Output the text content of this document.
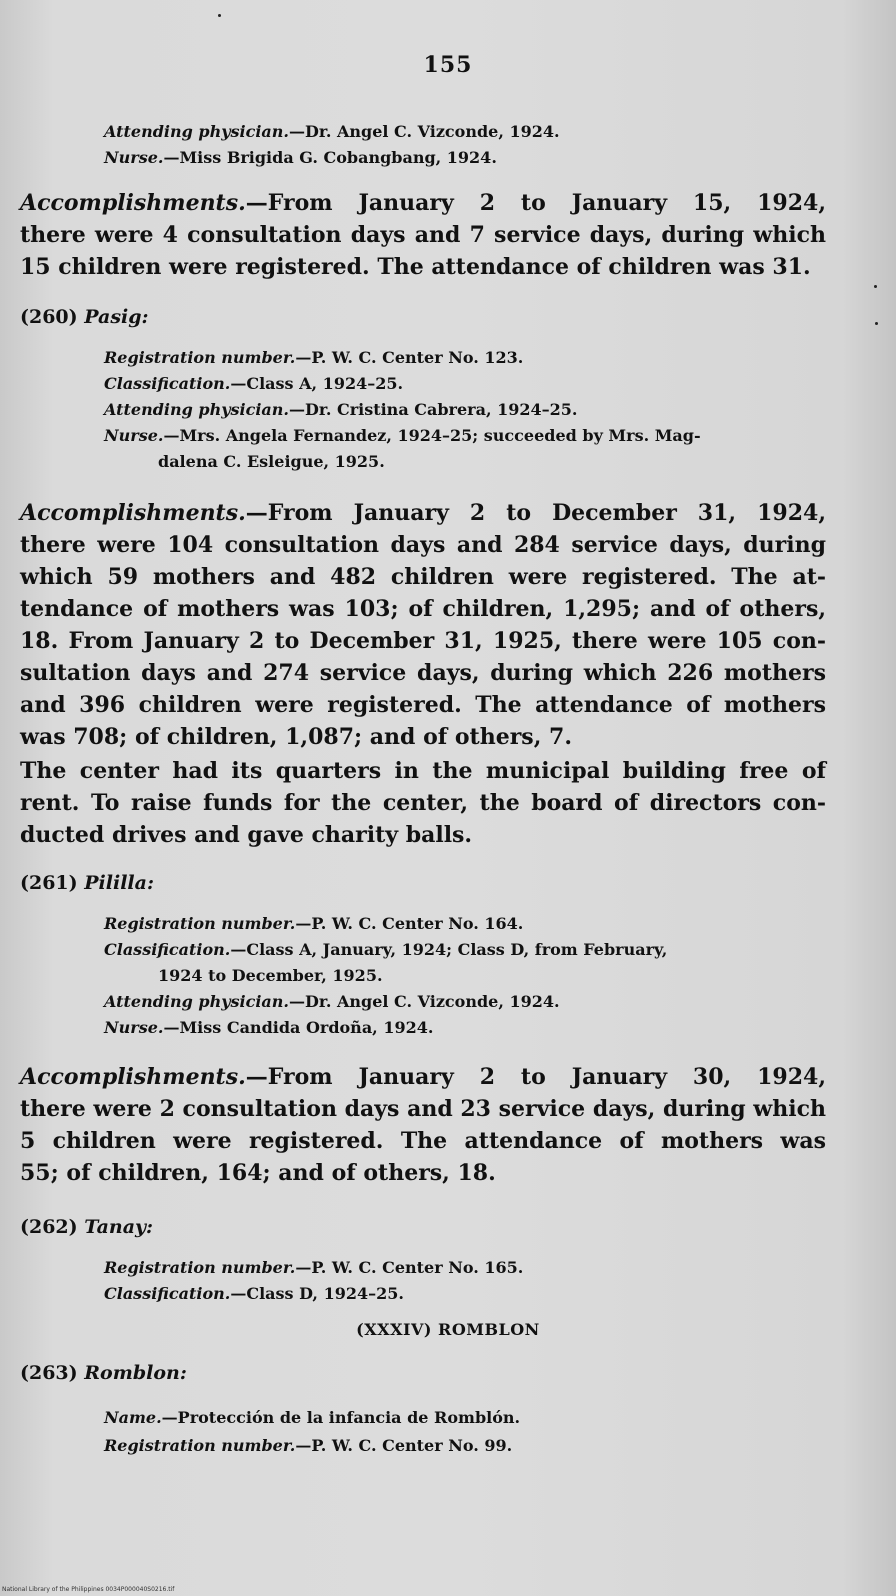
155
Attending physician.—Dr. Angel C. Vizconde, 1924.
Nurse.—Miss Brigida G. Cobangbang, 1924.
Accomplishments.—From January 2 to January 15, 1924,
there were 4 consultation days and 7 service days, during which
15 children were registered. The attendance of children was 31.
(260) Pasig:
Registration number.—P. W. C. Center No. 123.
Classification.—Class A, 1924–25.
Attending physician.—Dr. Cristina Cabrera, 1924–25.
Nurse.—Mrs. Angela Fernandez, 1924–25; succeeded by Mrs. Mag-
dalena C. Esleigue, 1925.
Accomplishments.—From January 2 to December 31, 1924,
there were 104 consultation days and 284 service days, during
which 59 mothers and 482 children were registered. The at-
tendance of mothers was 103; of children, 1,295; and of others,
18. From January 2 to December 31, 1925, there were 105 con-
sultation days and 274 service days, during which 226 mothers
and 396 children were registered. The attendance of mothers
was 708; of children, 1,087; and of others, 7.
The center had its quarters in the municipal building free of
rent. To raise funds for the center, the board of directors con-
ducted drives and gave charity balls.
(261) Pililla:
Registration number.—P. W. C. Center No. 164.
Classification.—Class A, January, 1924; Class D, from February,
1924 to December, 1925.
Attending physician.—Dr. Angel C. Vizconde, 1924.
Nurse.—Miss Candida Ordoña, 1924.
Accomplishments.—From January 2 to January 30, 1924,
there were 2 consultation days and 23 service days, during which
5 children were registered. The attendance of mothers was
55; of children, 164; and of others, 18.
(262) Tanay:
Registration number.—P. W. C. Center No. 165.
Classification.—Class D, 1924–25.
(XXXIV) ROMBLON
(263) Romblon:
Name.—Protección de la infancia de Romblón.
Registration number.—P. W. C. Center No. 99.
National Library of the Philippines 0034P000040S0216.tif
